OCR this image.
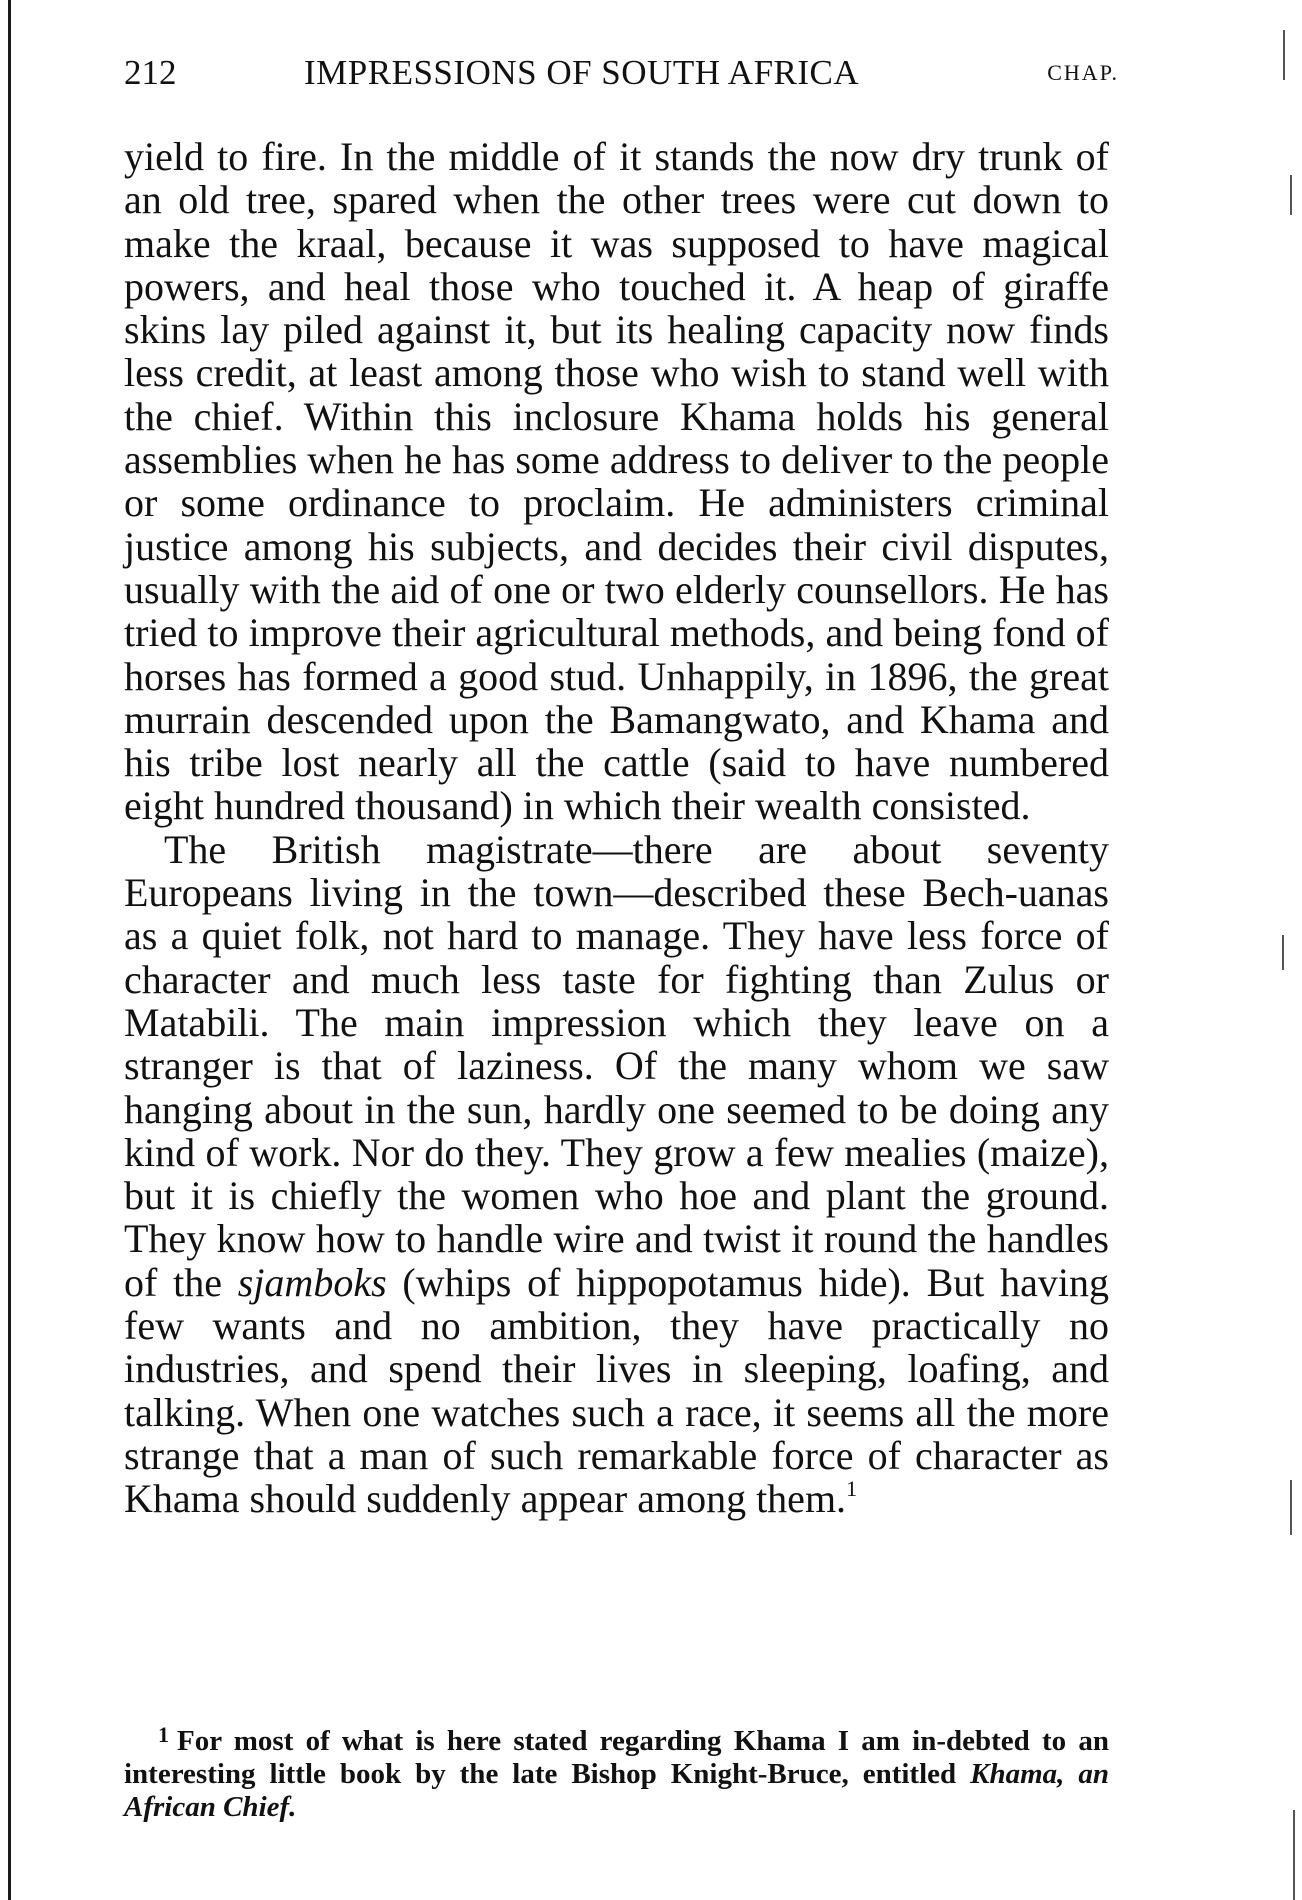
212	IMPRESSIONS OF SOUTH AFRICA	CHAP.

yield to fire. In the middle of it stands the now dry trunk of an old tree, spared when the other trees were cut down to make the kraal, because it was supposed to have magical powers, and heal those who touched it. A heap of giraffe skins lay piled against it, but its healing capacity now finds less credit, at least among those who wish to stand well with the chief. Within this inclosure Khama holds his general assemblies when he has some address to deliver to the people or some ordinance to proclaim. He administers criminal justice among his subjects, and decides their civil disputes, usually with the aid of one or two elderly counsellors. He has tried to improve their agricultural methods, and being fond of horses has formed a good stud. Unhappily, in 1896, the great murrain descended upon the Bamangwato, and Khama and his tribe lost nearly all the cattle (said to have numbered eight hundred thousand) in which their wealth consisted.

The British magistrate—there are about seventy Europeans living in the town—described these Bech-uanas as a quiet folk, not hard to manage. They have less force of character and much less taste for fighting than Zulus or Matabili. The main impression which they leave on a stranger is that of laziness. Of the many whom we saw hanging about in the sun, hardly one seemed to be doing any kind of work. Nor do they. They grow a few mealies (maize), but it is chiefly the women who hoe and plant the ground. They know how to handle wire and twist it round the handles of the sjamboks (whips of hippopotamus hide). But having few wants and no ambition, they have practically no industries, and spend their lives in sleeping, loafing, and talking. When one watches such a race, it seems all the more strange that a man of such remarkable force of character as Khama should suddenly appear among them.$^1$

$^1$ For most of what is here stated regarding Khama I am in-debted to an interesting little book by the late Bishop Knight-Bruce, entitled Khama, an African Chief.
